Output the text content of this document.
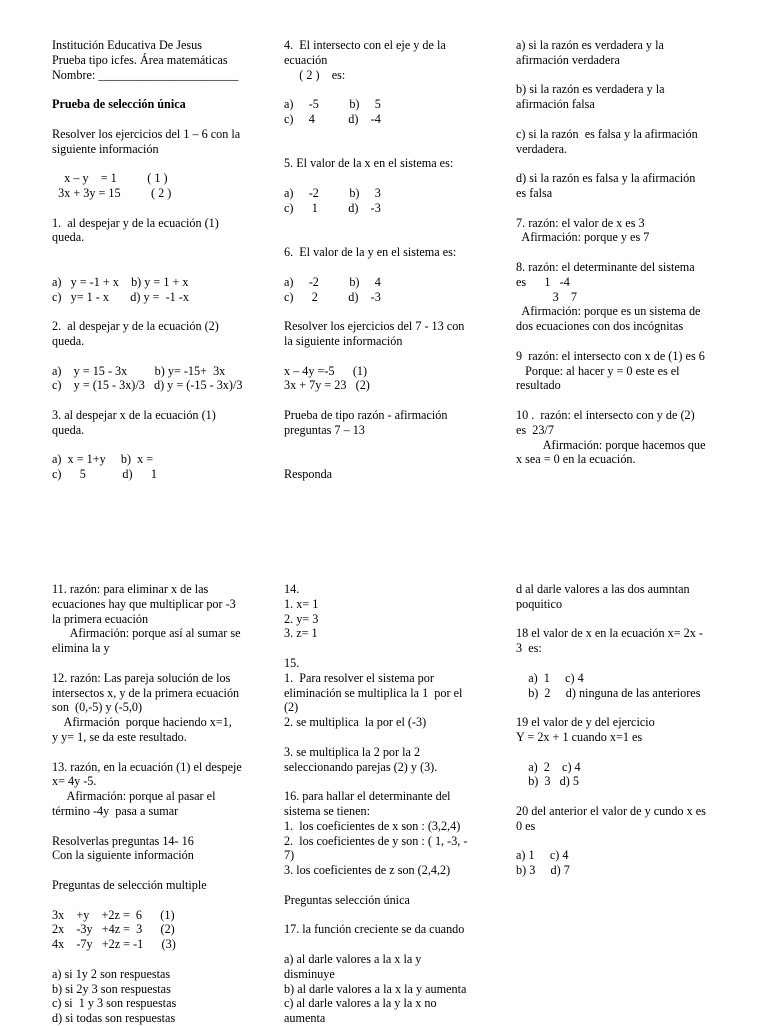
Institución Educativa De Jesus
Prueba tipo icfes. Área matemáticas
Nombre: _______________________
Prueba de selección única
Resolver los ejercicios del 1 – 6 con la
siguiente información
x – y    = 1          ( 1 )
3x + 3y = 15          ( 2 )
1.  al despejar y de la ecuación (1)
queda.
a)   y = -1 + x    b) y = 1 + x
c)   y= 1 - x       d) y =  -1 -x
2.  al despejar y de la ecuación (2)
queda.
a)    y = 15 - 3x         b) y= -15+  3x
c)    y = (15 - 3x)/3   d) y = (-15 - 3x)/3
3. al despejar x de la ecuación (1)
queda.
a)  x = 1+y     b)  x =
c)      5            d)      1
4.  El intersecto con el eje y de la
ecuación
( 2 )    es:
a)     -5          b)     5
c)     4           d)    -4
5. El valor de la x en el sistema es:
a)     -2          b)     3
c)      1          d)    -3
6.  El valor de la y en el sistema es:
a)     -2          b)     4
c)      2          d)    -3
Resolver los ejercicios del 7 - 13 con
la siguiente información
x – 4y =-5      (1)
3x + 7y = 23   (2)
Prueba de tipo razón - afirmación
preguntas 7 – 13
Responda
a) si la razón es verdadera y la
afirmación verdadera
b) si la razón es verdadera y la
afirmación falsa
c) si la razón  es falsa y la afirmación
verdadera.
d) si la razón es falsa y la afirmación
es falsa
7. razón: el valor de x es 3
Afirmación: porque y es 7
8. razón: el determinante del sistema
es      1   -4
3    7
Afirmación: porque es un sistema de
dos ecuaciones con dos incógnitas
9  razón: el intersecto con x de (1) es 6
Porque: al hacer y = 0 este es el
resultado
10 .  razón: el intersecto con y de (2)
es  23/7
Afirmación: porque hacemos que
x sea = 0 en la ecuación.
11. razón: para eliminar x de las
ecuaciones hay que multiplicar por -3
la primera ecuación
Afirmación: porque así al sumar se
elimina la y
12. razón: Las pareja solución de los
intersectos x, y de la primera ecuación
son  (0,-5) y (-5,0)
Afirmación  porque haciendo x=1,
y y= 1, se da este resultado.
13. razón, en la ecuación (1) el despeje
x= 4y -5.
Afirmación: porque al pasar el
término -4y  pasa a sumar
Resolverlas preguntas 14- 16
Con la siguiente información
Preguntas de selección multiple
3x    +y    +2z =  6      (1)
2x    -3y   +4z =  3      (2)
4x    -7y   +2z = -1      (3)
a) si 1y 2 son respuestas
b) si 2y 3 son respuestas
c) si  1 y 3 son respuestas
d) si todas son respuestas
14.
1. x= 1
2. y= 3
3. z= 1
15.
1.  Para resolver el sistema por
eliminación se multiplica la 1  por el
(2)
2. se multiplica  la por el (-3)
3. se multiplica la 2 por la 2
seleccionando parejas (2) y (3).
16. para hallar el determinante del
sistema se tienen:
1.  los coeficientes de x son : (3,2,4)
2.  los coeficientes de y son : ( 1, -3, -
7)
3. los coeficientes de z son (2,4,2)
Preguntas selección única
17. la función creciente se da cuando
a) al darle valores a la x la y
disminuye
b) al darle valores a la x la y aumenta
c) al darle valores a la y la x no
aumenta
d al darle valores a las dos aumntan
poquitico
18 el valor de x en la ecuación x= 2x -
3  es:
a)  1     c) 4
b)  2     d) ninguna de las anteriores
19 el valor de y del ejercicio
Y = 2x + 1 cuando x=1 es
a)  2    c) 4
b)  3   d) 5
20 del anterior el valor de y cundo x es
0 es
a) 1     c) 4
b) 3     d) 7
